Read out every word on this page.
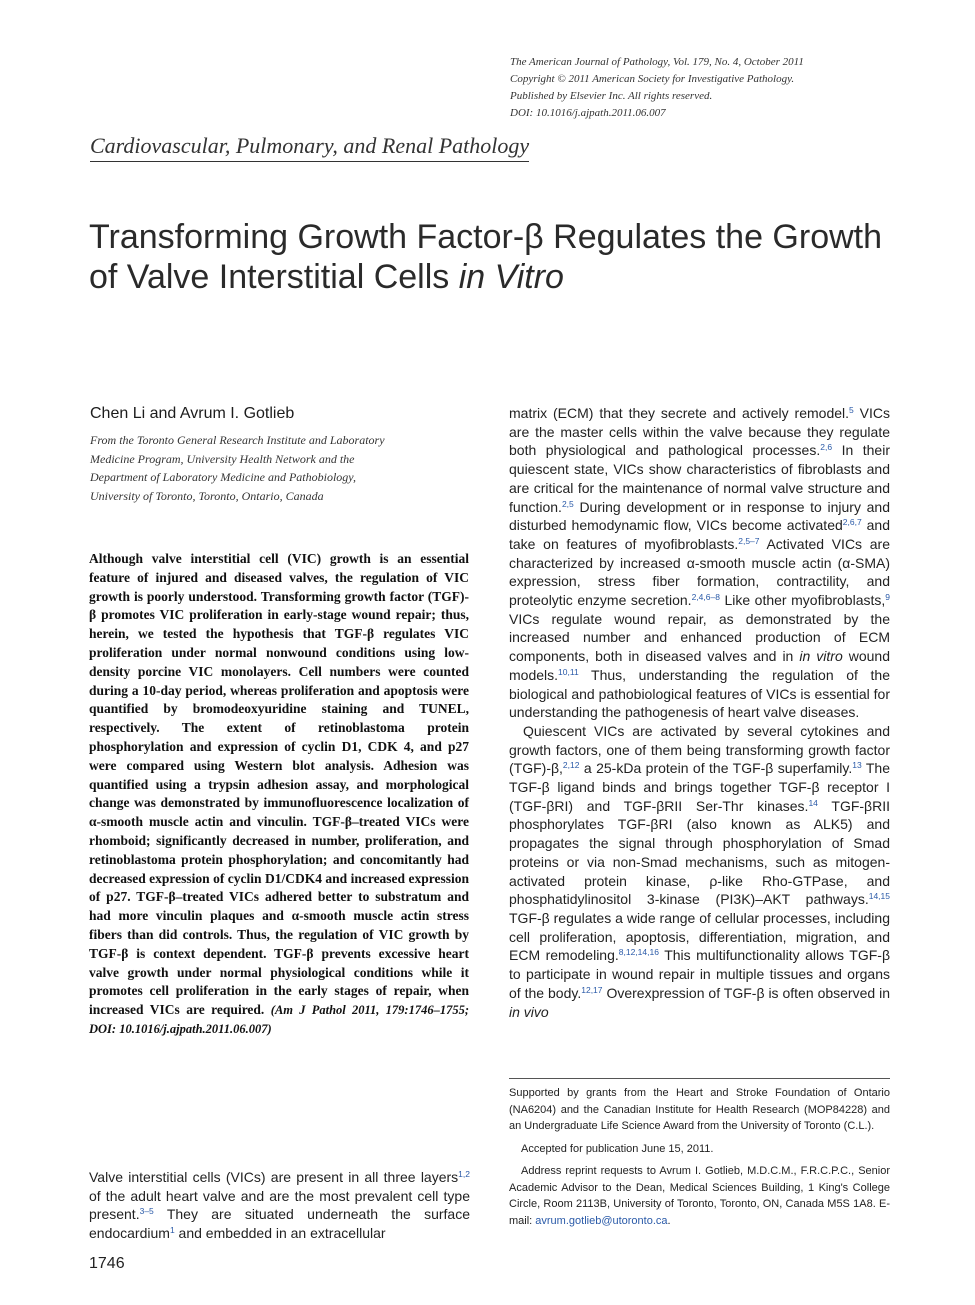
The American Journal of Pathology, Vol. 179, No. 4, October 2011
Copyright © 2011 American Society for Investigative Pathology.
Published by Elsevier Inc. All rights reserved.
DOI: 10.1016/j.ajpath.2011.06.007
Cardiovascular, Pulmonary, and Renal Pathology
Transforming Growth Factor-β Regulates the Growth of Valve Interstitial Cells in Vitro
Chen Li and Avrum I. Gotlieb
From the Toronto General Research Institute and Laboratory
Medicine Program, University Health Network and the
Department of Laboratory Medicine and Pathobiology,
University of Toronto, Toronto, Ontario, Canada
Although valve interstitial cell (VIC) growth is an essential feature of injured and diseased valves, the regulation of VIC growth is poorly understood. Transforming growth factor (TGF)-β promotes VIC proliferation in early-stage wound repair; thus, herein, we tested the hypothesis that TGF-β regulates VIC proliferation under normal nonwound conditions using low-density porcine VIC monolayers. Cell numbers were counted during a 10-day period, whereas proliferation and apoptosis were quantified by bromodeoxyuridine staining and TUNEL, respectively. The extent of retinoblastoma protein phosphorylation and expression of cyclin D1, CDK 4, and p27 were compared using Western blot analysis. Adhesion was quantified using a trypsin adhesion assay, and morphological change was demonstrated by immunofluorescence localization of α-smooth muscle actin and vinculin. TGF-β–treated VICs were rhomboid; significantly decreased in number, proliferation, and retinoblastoma protein phosphorylation; and concomitantly had decreased expression of cyclin D1/CDK4 and increased expression of p27. TGF-β–treated VICs adhered better to substratum and had more vinculin plaques and α-smooth muscle actin stress fibers than did controls. Thus, the regulation of VIC growth by TGF-β is context dependent. TGF-β prevents excessive heart valve growth under normal physiological conditions while it promotes cell proliferation in the early stages of repair, when increased VICs are required. (Am J Pathol 2011, 179:1746–1755; DOI: 10.1016/j.ajpath.2011.06.007)

Valve interstitial cells (VICs) are present in all three layers$^{1,2}$ of the adult heart valve and are the most prevalent cell type present.$^{3-5}$ They are situated underneath the surface endocardium$^1$ and embedded in an extracellular

matrix (ECM) that they secrete and actively remodel.$^5$ VICs are the master cells within the valve because they regulate both physiological and pathological processes.$^{2,6}$ In their quiescent state, VICs show characteristics of fibroblasts and are critical for the maintenance of normal valve structure and function.$^{2,5}$ During development or in response to injury and disturbed hemodynamic flow, VICs become activated$^{2,6,7}$ and take on features of myofibroblasts.$^{2,5-7}$ Activated VICs are characterized by increased α-smooth muscle actin (α-SMA) expression, stress fiber formation, contractility, and proteolytic enzyme secretion.$^{2,4,6-8}$ Like other myofibroblasts,$^9$ VICs regulate wound repair, as demonstrated by the increased number and enhanced production of ECM components, both in diseased valves and in in vitro wound models.$^{10,11}$ Thus, understanding the regulation of the biological and pathobiological features of VICs is essential for understanding the pathogenesis of heart valve diseases.

Quiescent VICs are activated by several cytokines and growth factors, one of them being transforming growth factor (TGF)-β,$^{2,12}$ a 25-kDa protein of the TGF-β superfamily.$^{13}$ The TGF-β ligand binds and brings together TGF-β receptor I (TGF-βRI) and TGF-βRII Ser-Thr kinases.$^{14}$ TGF-βRII phosphorylates TGF-βRI (also known as ALK5) and propagates the signal through phosphorylation of Smad proteins or via non-Smad mechanisms, such as mitogen-activated protein kinase, ρ-like Rho-GTPase, and phosphatidylinositol 3-kinase (PI3K)–AKT pathways.$^{14,15}$ TGF-β regulates a wide range of cellular processes, including cell proliferation, apoptosis, differentiation, migration, and ECM remodeling.$^{8,12,14,16}$ This multifunctionality allows TGF-β to participate in wound repair in multiple tissues and organs of the body.$^{12,17}$ Overexpression of TGF-β is often observed in in vivo

Supported by grants from the Heart and Stroke Foundation of Ontario (NA6204) and the Canadian Institute for Health Research (MOP84228) and an Undergraduate Life Science Award from the University of Toronto (C.L.).

Accepted for publication June 15, 2011.

Address reprint requests to Avrum I. Gotlieb, M.D.C.M., F.R.C.P.C., Senior Academic Advisor to the Dean, Medical Sciences Building, 1 King's College Circle, Room 2113B, University of Toronto, Toronto, ON, Canada M5S 1A8. E-mail: avrum.gotlieb@utoronto.ca.

1746
